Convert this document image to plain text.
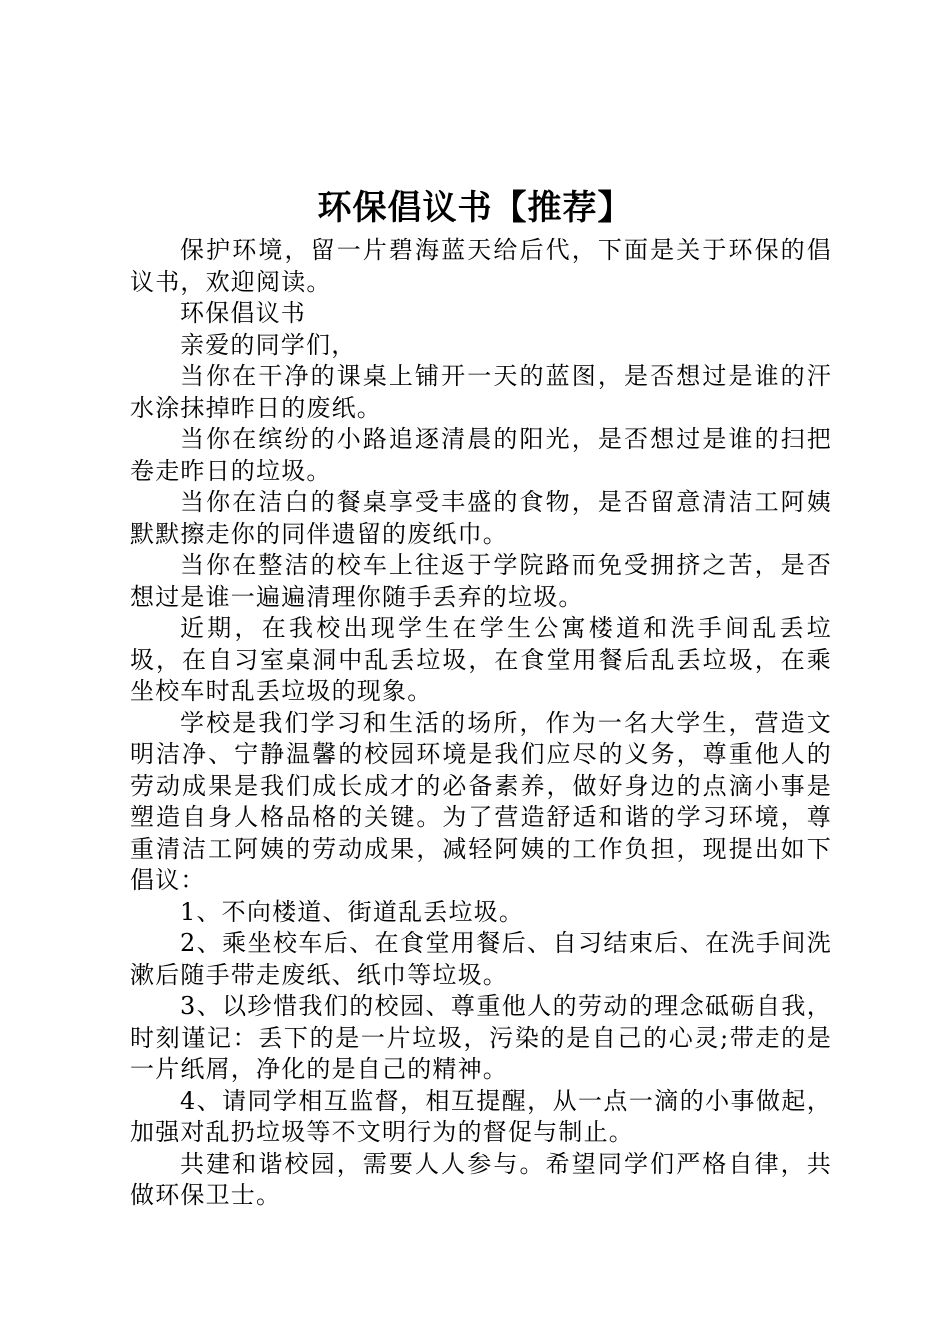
环保倡议书【推荐】

保护环境，留一片碧海蓝天给后代，下面是关于环保的倡议书，欢迎阅读。

环保倡议书

亲爱的同学们，

当你在干净的课桌上铺开一天的蓝图，是否想过是谁的汗水涂抹掉昨日的废纸。

当你在缤纷的小路追逐清晨的阳光，是否想过是谁的扫把卷走昨日的垃圾。

当你在洁白的餐桌享受丰盛的食物，是否留意清洁工阿姨默默擦走你的同伴遗留的废纸巾。

当你在整洁的校车上往返于学院路而免受拥挤之苦，是否想过是谁一遍遍清理你随手丢弃的垃圾。

近期，在我校出现学生在学生公寓楼道和洗手间乱丢垃圾，在自习室桌洞中乱丢垃圾，在食堂用餐后乱丢垃圾，在乘坐校车时乱丢垃圾的现象。

学校是我们学习和生活的场所，作为一名大学生，营造文明洁净、宁静温馨的校园环境是我们应尽的义务，尊重他人的劳动成果是我们成长成才的必备素养，做好身边的点滴小事是塑造自身人格品格的关键。为了营造舒适和谐的学习环境，尊重清洁工阿姨的劳动成果，减轻阿姨的工作负担，现提出如下倡议：

1、不向楼道、街道乱丢垃圾。

2、乘坐校车后、在食堂用餐后、自习结束后、在洗手间洗漱后随手带走废纸、纸巾等垃圾。

3、以珍惜我们的校园、尊重他人的劳动的理念砥砺自我，时刻谨记：丢下的是一片垃圾，污染的是自己的心灵;带走的是一片纸屑，净化的是自己的精神。

4、请同学相互监督，相互提醒，从一点一滴的小事做起，加强对乱扔垃圾等不文明行为的督促与制止。

共建和谐校园，需要人人参与。希望同学们严格自律，共做环保卫士。
